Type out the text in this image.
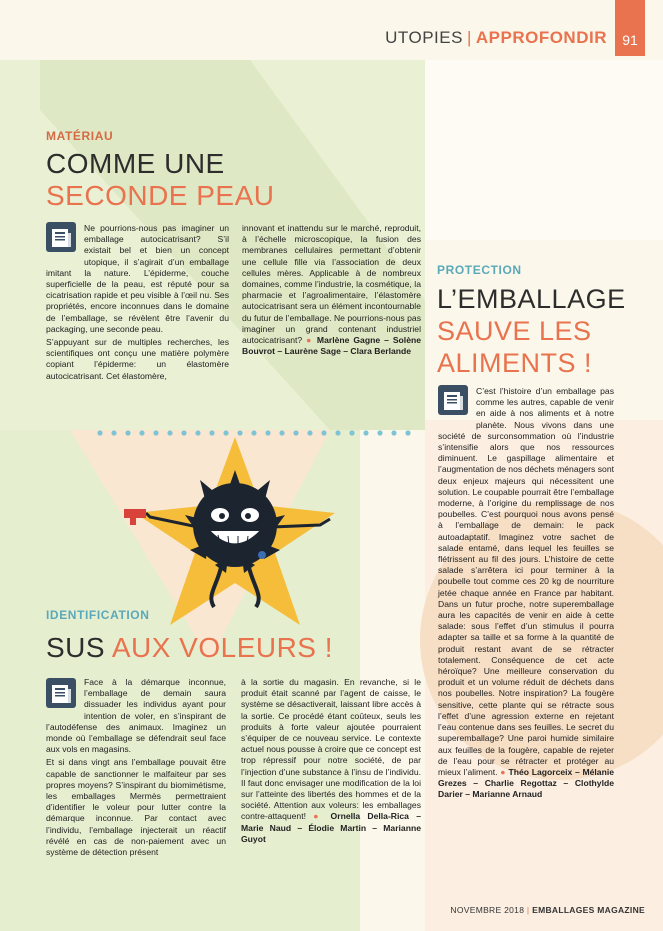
UTOPIES | APPROFONDIR	91
MATÉRIAU
COMME UNE
SECONDE PEAU

Ne pourrions-nous pas imaginer un emballage autocicatrisant? S’il existait bel et bien un concept utopique, il s’agirait d’un emballage imitant la nature. L’épiderme, couche superficielle de la peau, est réputé pour sa cicatrisation rapide et peu visible à l’œil nu. Ses propriétés, encore inconnues dans le domaine de l’emballage, se révèlent être l’avenir du packaging, une seconde peau.

S’appuyant sur de multiples recherches, les scientifiques ont conçu une matière polymère copiant l’épiderme: un élastomère autocicatrisant. Cet élastomère,

innovant et inattendu sur le marché, reproduit, à l’échelle microscopique, la fusion des membranes cellulaires permettant d’obtenir une cellule fille via l’association de deux cellules mères. Applicable à de nombreux domaines, comme l’industrie, la cosmétique, la pharmacie et l’agroalimentaire, l’élastomère autocicatrisant sera un élément incontournable du futur de l’emballage. Ne pourrions-nous pas imaginer un grand contenant industriel autocicatrisant? ● Marlène Gagne – Solène Bouvrot – Laurène Sage – Clara Berlande

PROTECTION
L’EMBALLAGE
SAUVE LES
ALIMENTS !

C’est l’histoire d’un emballage pas comme les autres, capable de venir en aide à nos aliments et à notre planète. Nous vivons dans une société de surconsommation où l’industrie s’intensifie alors que nos ressources diminuent. Le gaspillage alimentaire et l’augmentation de nos déchets ménagers sont deux enjeux majeurs qui nécessitent une solution. Le coupable pourrait être l’emballage moderne, à l’origine du remplissage de nos poubelles. C’est pourquoi nous avons pensé à l’emballage de demain: le pack autoadaptatif. Imaginez votre sachet de salade entamé, dans lequel les feuilles se flétrissent au fil des jours. L’histoire de cette salade s’arrêtera ici pour terminer à la poubelle tout comme ces 20 kg de nourriture jetée chaque année en France par habitant. Dans un futur proche, notre superemballage aura les capacités de venir en aide à cette salade: sous l’effet d’un stimulus il pourra adapter sa taille et sa forme à la quantité de produit restant avant de se rétracter totalement. Conséquence de cet acte héroïque? Une meilleure conservation du produit et un volume réduit de déchets dans nos poubelles. Notre inspiration? La fougère sensitive, cette plante qui se rétracte sous l’effet d’une agression externe en rejetant l’eau contenue dans ses feuilles. Le secret du superemballage? Une paroi humide similaire aux feuilles de la fougère, capable de rejeter de l’eau pour se rétracter et protéger au mieux l’aliment. ● Théo Lagorceix – Mélanie Grezes – Charlie Regottaz – Clothylde Darier – Marianne Arnaud

IDENTIFICATION
SUS AUX VOLEURS !

Face à la démarque inconnue, l’emballage de demain saura dissuader les individus ayant pour intention de voler, en s’inspirant de l’autodéfense des animaux. Imaginez un monde où l’emballage se défendrait seul face aux vols en magasins.

Et si dans vingt ans l’emballage pouvait être capable de sanctionner le malfaiteur par ses propres moyens? S’inspirant du biomimétisme, les emballages Mermès permettraient d’identifier le voleur pour lutter contre la démarque inconnue. Par contact avec l’individu, l’emballage injecterait un réactif révélé en cas de non-paiement avec un système de détection présent

à la sortie du magasin. En revanche, si le produit était scanné par l’agent de caisse, le système se désactiverait, laissant libre accès à la sortie. Ce procédé étant coûteux, seuls les produits à forte valeur ajoutée pourraient s’équiper de ce nouveau service. Le contexte actuel nous pousse à croire que ce concept est trop répressif pour notre société, de par l’injection d’une substance à l’insu de l’individu. Il faut donc envisager une modification de la loi sur l’atteinte des libertés des hommes et de la société. Attention aux voleurs: les emballages contre-attaquent! ● Ornella Della-Rica – Marie Naud – Élodie Martin – Marianne Guyot

NOVEMBRE 2018 | EMBALLAGES MAGAZINE
